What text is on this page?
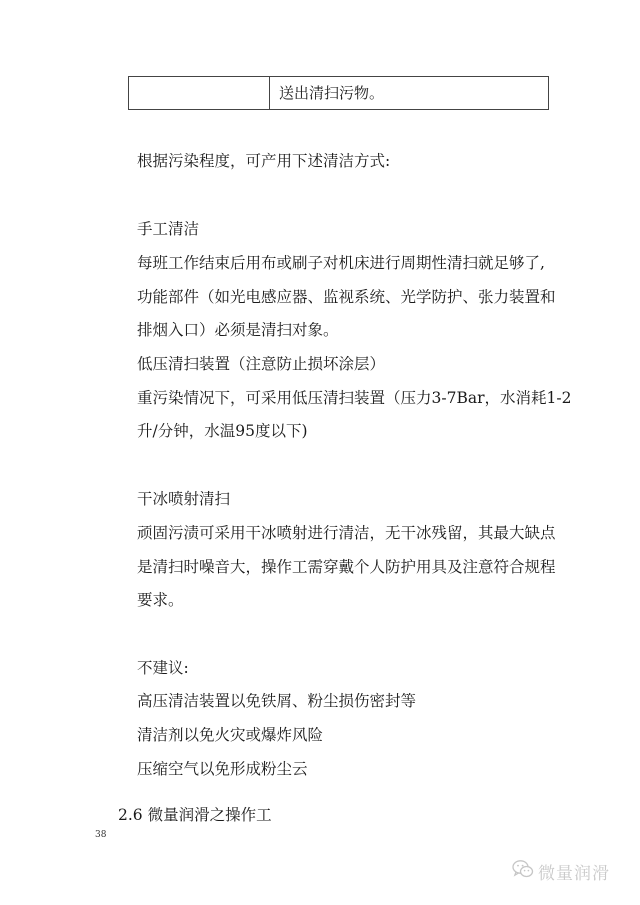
送出清扫污物。

根据污染程度，可产用下述清洁方式:

手工清洁

每班工作结束后用布或刷子对机床进行周期性清扫就足够了,

功能部件（如光电感应器、监视系统、光学防护、张力装置和

排烟入口）必须是清扫对象。

低压清扫装置（注意防止损坏涂层）

重污染情况下，可采用低压清扫装置（压力3-7Bar，水消耗1-2

升/分钟，水温95度以下)

干冰喷射清扫

顽固污渍可采用干冰喷射进行清洁，无干冰残留，其最大缺点

是清扫时噪音大，操作工需穿戴个人防护用具及注意符合规程

要求。

不建议:

高压清洁装置以免铁屑、粉尘损伤密封等

清洁剂以免火灾或爆炸风险

压缩空气以免形成粉尘云

2.6 微量润滑之操作工

38
微量润滑
